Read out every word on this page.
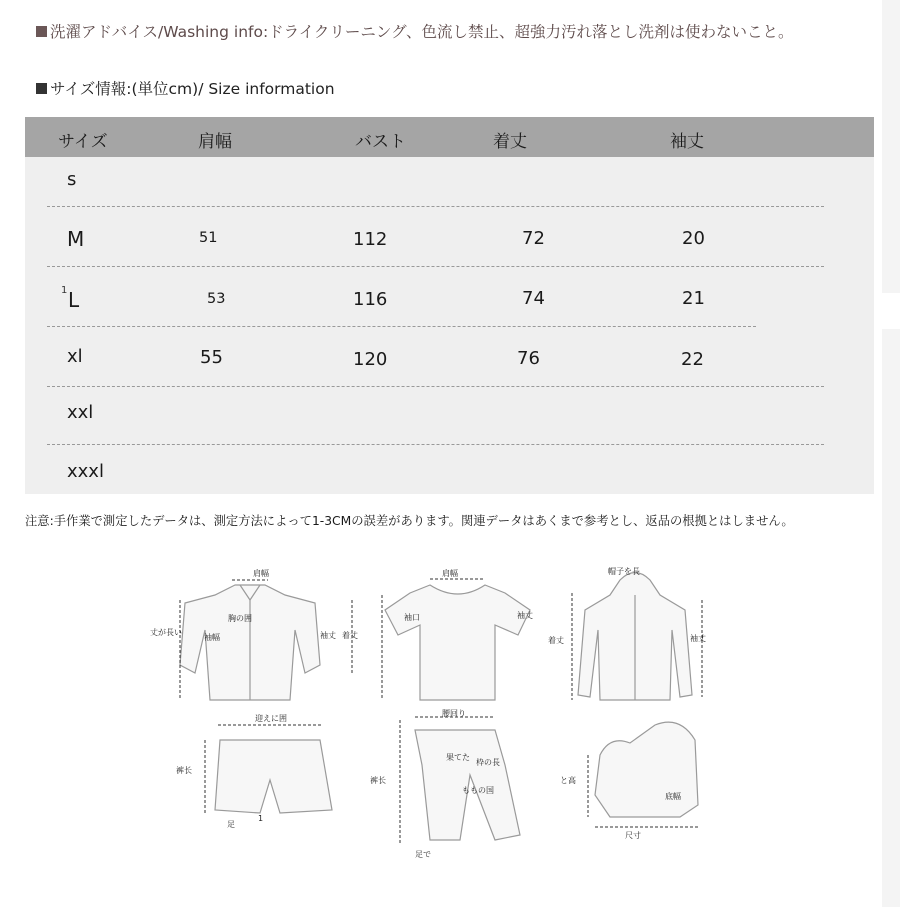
洗濯アドバイス/Washing info:ドライクリーニング、色流し禁止、超強力汚れ落とし洗剤は使わないこと。
サイズ情報:(単位cm)/ Size information
サイズ	肩幅	バスト	着丈	袖丈
s
M	51	112	72	20
1 L	53	116	74	21
xl	55	120	76	22
xxl
xxxl
注意:手作業で測定したデータは、測定方法によって1-3CMの誤差があります。関連データはあくまで参考とし、返品の根拠とはしません。
肩幅
胸の囲
丈が長い
袖幅	袖丈 着丈
肩幅
袖口	袖丈
帽子を長
着丈	袖丈
迎えに囲
裤长
足
1
腰回り
果てた
枠の長
ももの国
裤长
足で
と高
底幅
尺寸
